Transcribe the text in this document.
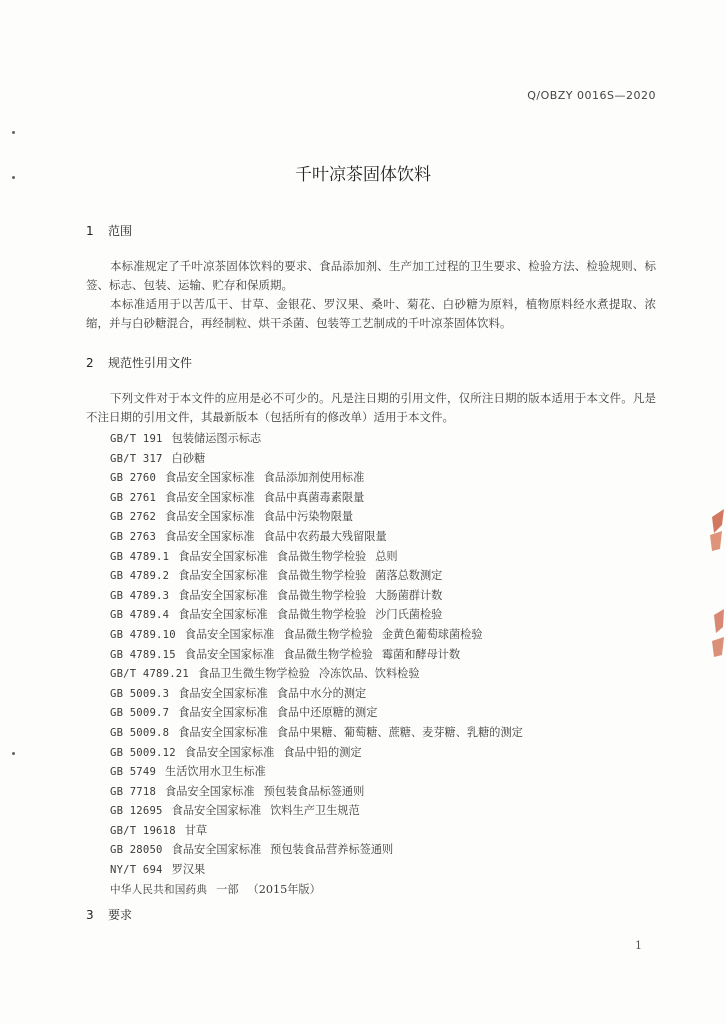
Q/OBZY 0016S—2020
千叶凉茶固体饮料
1 范围
本标准规定了千叶凉茶固体饮料的要求、食品添加剂、生产加工过程的卫生要求、检验方法、检验规则、标签、标志、包装、运输、贮存和保质期。
本标准适用于以苦瓜干、甘草、金银花、罗汉果、桑叶、菊花、白砂糖为原料，植物原料经水煮提取、浓缩，并与白砂糖混合，再经制粒、烘干杀菌、包装等工艺制成的千叶凉茶固体饮料。
2 规范性引用文件
下列文件对于本文件的应用是必不可少的。凡是注日期的引用文件，仅所注日期的版本适用于本文件。凡是不注日期的引用文件，其最新版本（包括所有的修改单）适用于本文件。
GB/T 191 包装储运图示标志
GB/T 317 白砂糖
GB 2760 食品安全国家标准 食品添加剂使用标准
GB 2761 食品安全国家标准 食品中真菌毒素限量
GB 2762 食品安全国家标准 食品中污染物限量
GB 2763 食品安全国家标准 食品中农药最大残留限量
GB 4789.1 食品安全国家标准 食品微生物学检验 总则
GB 4789.2 食品安全国家标准 食品微生物学检验 菌落总数测定
GB 4789.3 食品安全国家标准 食品微生物学检验 大肠菌群计数
GB 4789.4 食品安全国家标准 食品微生物学检验 沙门氏菌检验
GB 4789.10 食品安全国家标准 食品微生物学检验 金黄色葡萄球菌检验
GB 4789.15 食品安全国家标准 食品微生物学检验 霉菌和酵母计数
GB/T 4789.21 食品卫生微生物学检验 冷冻饮品、饮料检验
GB 5009.3 食品安全国家标准 食品中水分的测定
GB 5009.7 食品安全国家标准 食品中还原糖的测定
GB 5009.8 食品安全国家标准 食品中果糖、葡萄糖、蔗糖、麦芽糖、乳糖的测定
GB 5009.12 食品安全国家标准 食品中铅的测定
GB 5749 生活饮用水卫生标准
GB 7718 食品安全国家标准 预包装食品标签通则
GB 12695 食品安全国家标准 饮料生产卫生规范
GB/T 19618 甘草
GB 28050 食品安全国家标准 预包装食品营养标签通则
NY/T 694 罗汉果
中华人民共和国药典 一部 （2015年版）
3 要求
1
